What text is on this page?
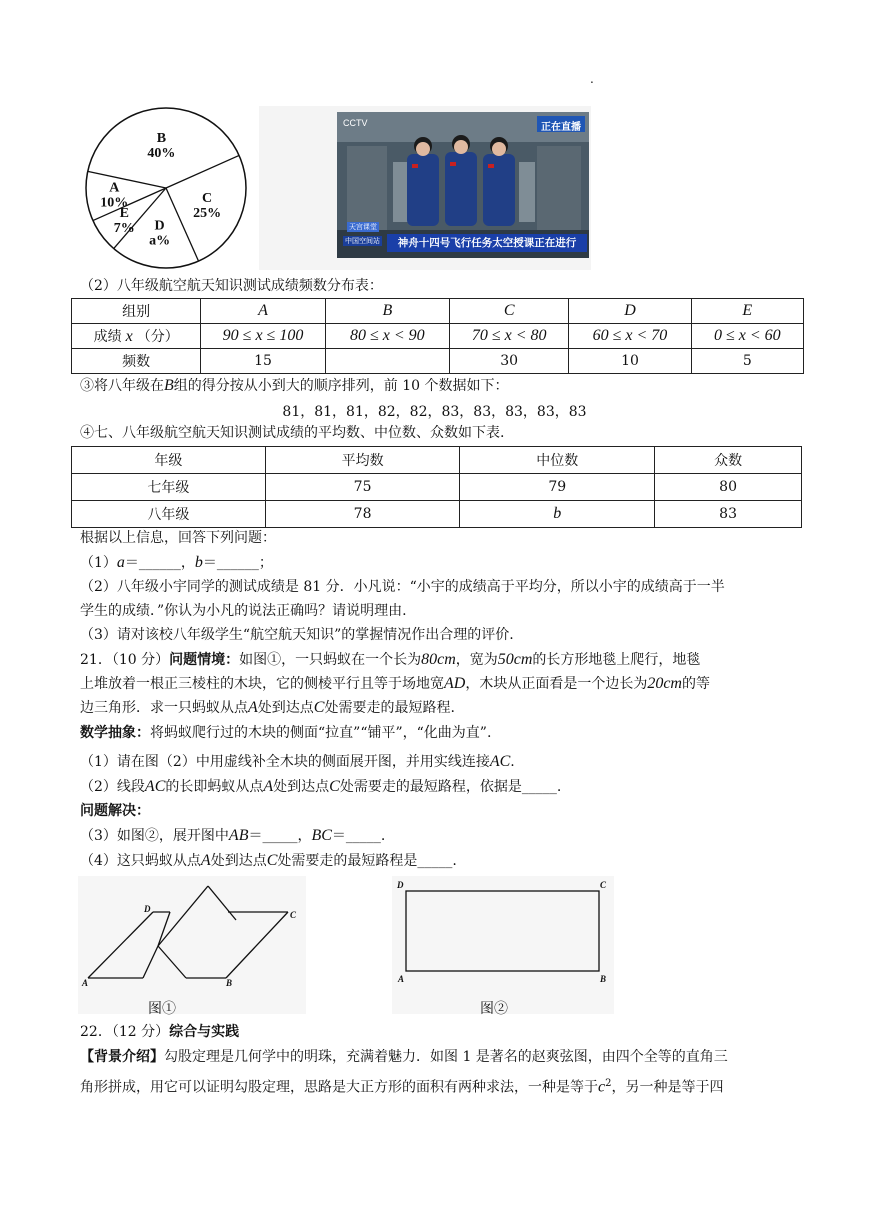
.
B
40%
C
25%
D
a%
E
7%
A
10%
CCTV	正在直播
天宫课堂
中国空间站	神舟十四号飞行任务太空授课正在进行
（2）八年级航空航天知识测试成绩频数分布表：
组别	A	B	C	D	E
成绩 x （分）	90 ≤ x ≤ 100	80 ≤ x < 90	70 ≤ x < 80	60 ≤ x < 70	0 ≤ x < 60
频数	15		30	10	5
③将八年级在B组的得分按从小到大的顺序排列，前 10 个数据如下：
81，81，81，82，82，83，83，83，83，83
④七、八年级航空航天知识测试成绩的平均数、中位数、众数如下表.
年级	平均数	中位数	众数
七年级	75	79	80
八年级	78	b	83
根据以上信息，回答下列问题：
（1）a＝______，b＝______；
（2）八年级小宇同学的测试成绩是 81 分．小凡说：“小宇的成绩高于平均分，所以小宇的成绩高于一半
学生的成绩．”你认为小凡的说法正确吗？请说明理由.
（3）请对该校八年级学生“航空航天知识”的掌握情况作出合理的评价.
21．（10 分）问题情境：如图①，一只蚂蚁在一个长为80cm，宽为50cm的长方形地毯上爬行，地毯
上堆放着一根正三棱柱的木块，它的侧棱平行且等于场地宽AD，木块从正面看是一个边长为20cm的等
边三角形．求一只蚂蚁从点A处到达点C处需要走的最短路程.
数学抽象：将蚂蚁爬行过的木块的侧面“拉直”“铺平”，“化曲为直”.
（1）请在图（2）中用虚线补全木块的侧面展开图，并用实线连接AC.
（2）线段AC的长即蚂蚁从点A处到达点C处需要走的最短路程，依据是_____.
问题解决：
（3）如图②，展开图中AB＝_____，BC＝_____.
（4）这只蚂蚁从点A处到达点C处需要走的最短路程是_____.
D
C
A	B
图①
D	C
A	B
图②
22．（12 分）综合与实践
【背景介绍】勾股定理是几何学中的明珠，充满着魅力．如图 1 是著名的赵爽弦图，由四个全等的直角三
角形拼成，用它可以证明勾股定理，思路是大正方形的面积有两种求法，一种是等于$c^2$，另一种是等于四
